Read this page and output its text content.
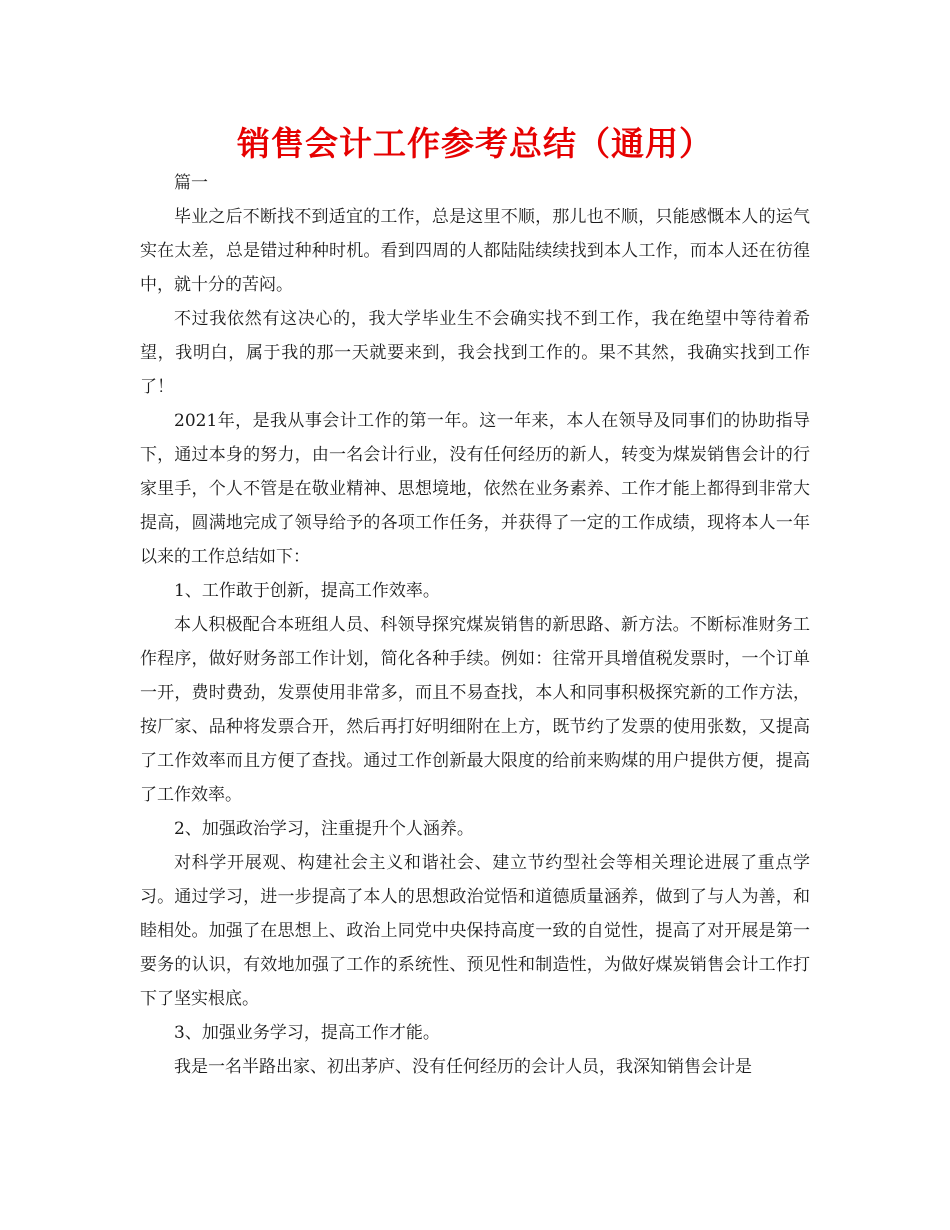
销售会计工作参考总结（通用）

篇一

毕业之后不断找不到适宜的工作，总是这里不顺，那儿也不顺，只能感慨本人的运气实在太差，总是错过种种时机。看到四周的人都陆陆续续找到本人工作，而本人还在彷徨中，就十分的苦闷。

不过我依然有这决心的，我大学毕业生不会确实找不到工作，我在绝望中等待着希望，我明白，属于我的那一天就要来到，我会找到工作的。果不其然，我确实找到工作了！

2021年，是我从事会计工作的第一年。这一年来，本人在领导及同事们的协助指导下，通过本身的努力，由一名会计行业，没有任何经历的新人，转变为煤炭销售会计的行家里手，个人不管是在敬业精神、思想境地，依然在业务素养、工作才能上都得到非常大提高，圆满地完成了领导给予的各项工作任务，并获得了一定的工作成绩，现将本人一年以来的工作总结如下：

1、工作敢于创新，提高工作效率。

本人积极配合本班组人员、科领导探究煤炭销售的新思路、新方法。不断标准财务工作程序，做好财务部工作计划，简化各种手续。例如：往常开具增值税发票时，一个订单一开，费时费劲，发票使用非常多，而且不易查找，本人和同事积极探究新的工作方法，按厂家、品种将发票合开，然后再打好明细附在上方，既节约了发票的使用张数，又提高了工作效率而且方便了查找。通过工作创新最大限度的给前来购煤的用户提供方便，提高了工作效率。

2、加强政治学习，注重提升个人涵养。

对科学开展观、构建社会主义和谐社会、建立节约型社会等相关理论进展了重点学习。通过学习，进一步提高了本人的思想政治觉悟和道德质量涵养，做到了与人为善，和睦相处。加强了在思想上、政治上同党中央保持高度一致的自觉性，提高了对开展是第一要务的认识，有效地加强了工作的系统性、预见性和制造性，为做好煤炭销售会计工作打下了坚实根底。

3、加强业务学习，提高工作才能。

我是一名半路出家、初出茅庐、没有任何经历的会计人员，我深知销售会计是
